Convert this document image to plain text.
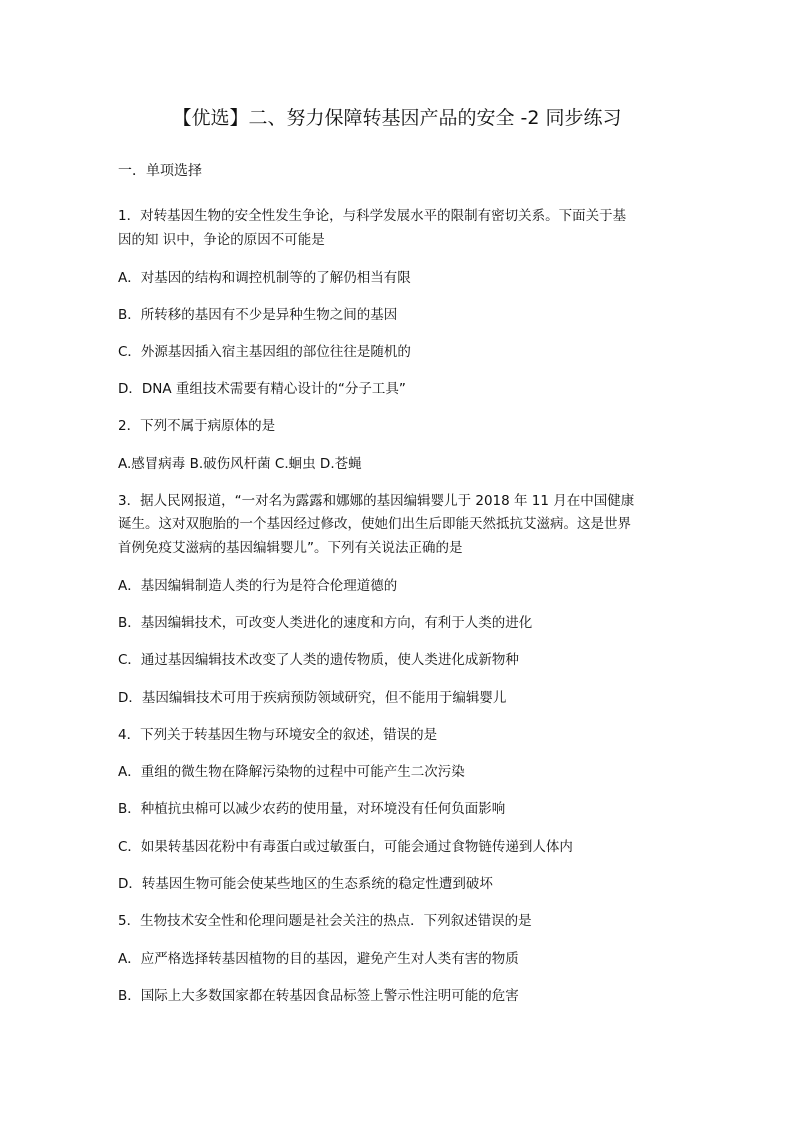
【优选】二、努力保障转基因产品的安全 -2 同步练习
一．单项选择
1．对转基因生物的安全性发生争论，与科学发展水平的限制有密切关系。下面关于基
因的知 识中，争论的原因不可能是
A．对基因的结构和调控机制等的了解仍相当有限
B．所转移的基因有不少是异种生物之间的基因
C．外源基因插入宿主基因组的部位往往是随机的
D．DNA 重组技术需要有精心设计的“分子工具”
2．下列不属于病原体的是
A.感冒病毒 B.破伤风杆菌 C.蛔虫 D.苍蝇
3．据人民网报道，“一对名为露露和娜娜的基因编辑婴儿于 2018 年 11 月在中国健康
诞生。这对双胞胎的一个基因经过修改，使她们出生后即能天然抵抗艾滋病。这是世界
首例免疫艾滋病的基因编辑婴儿”。下列有关说法正确的是
A．基因编辑制造人类的行为是符合伦理道德的
B．基因编辑技术，可改变人类进化的速度和方向，有利于人类的进化
C．通过基因编辑技术改变了人类的遗传物质，使人类进化成新物种
D．基因编辑技术可用于疾病预防领域研究，但不能用于编辑婴儿
4．下列关于转基因生物与环境安全的叙述，错误的是
A．重组的微生物在降解污染物的过程中可能产生二次污染
B．种植抗虫棉可以减少农药的使用量，对环境没有任何负面影响
C．如果转基因花粉中有毒蛋白或过敏蛋白，可能会通过食物链传递到人体内
D．转基因生物可能会使某些地区的生态系统的稳定性遭到破坏
5．生物技术安全性和伦理问题是社会关注的热点．下列叙述错误的是
A．应严格选择转基因植物的目的基因，避免产生对人类有害的物质
B．国际上大多数国家都在转基因食品标签上警示性注明可能的危害
